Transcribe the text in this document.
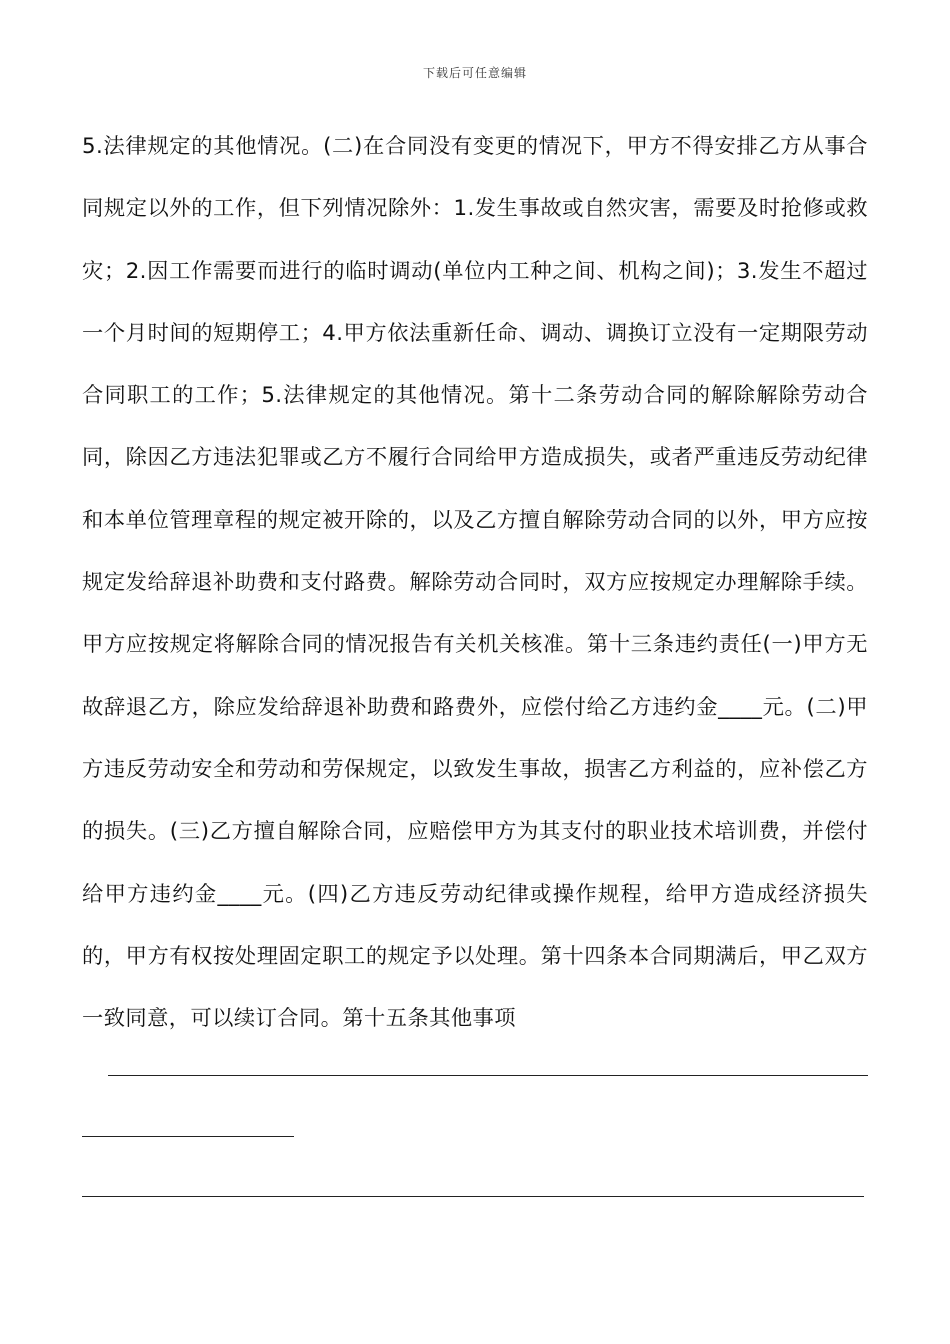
下载后可任意编辑

5.法律规定的其他情况。(二)在合同没有变更的情况下，甲方不得安排乙方从事合同规定以外的工作，但下列情况除外：1.发生事故或自然灾害，需要及时抢修或救灾；2.因工作需要而进行的临时调动(单位内工种之间、机构之间)；3.发生不超过一个月时间的短期停工；4.甲方依法重新任命、调动、调换订立没有一定期限劳动合同职工的工作；5.法律规定的其他情况。第十二条劳动合同的解除解除劳动合同，除因乙方违法犯罪或乙方不履行合同给甲方造成损失，或者严重违反劳动纪律和本单位管理章程的规定被开除的，以及乙方擅自解除劳动合同的以外，甲方应按规定发给辞退补助费和支付路费。解除劳动合同时，双方应按规定办理解除手续。甲方应按规定将解除合同的情况报告有关机关核准。第十三条违约责任(一)甲方无故辞退乙方，除应发给辞退补助费和路费外，应偿付给乙方违约金____元。(二)甲方违反劳动安全和劳动和劳保规定，以致发生事故，损害乙方利益的，应补偿乙方的损失。(三)乙方擅自解除合同，应赔偿甲方为其支付的职业技术培训费，并偿付给甲方违约金____元。(四)乙方违反劳动纪律或操作规程，给甲方造成经济损失的，甲方有权按处理固定职工的规定予以处理。第十四条本合同期满后，甲乙双方一致同意，可以续订合同。第十五条其他事项
